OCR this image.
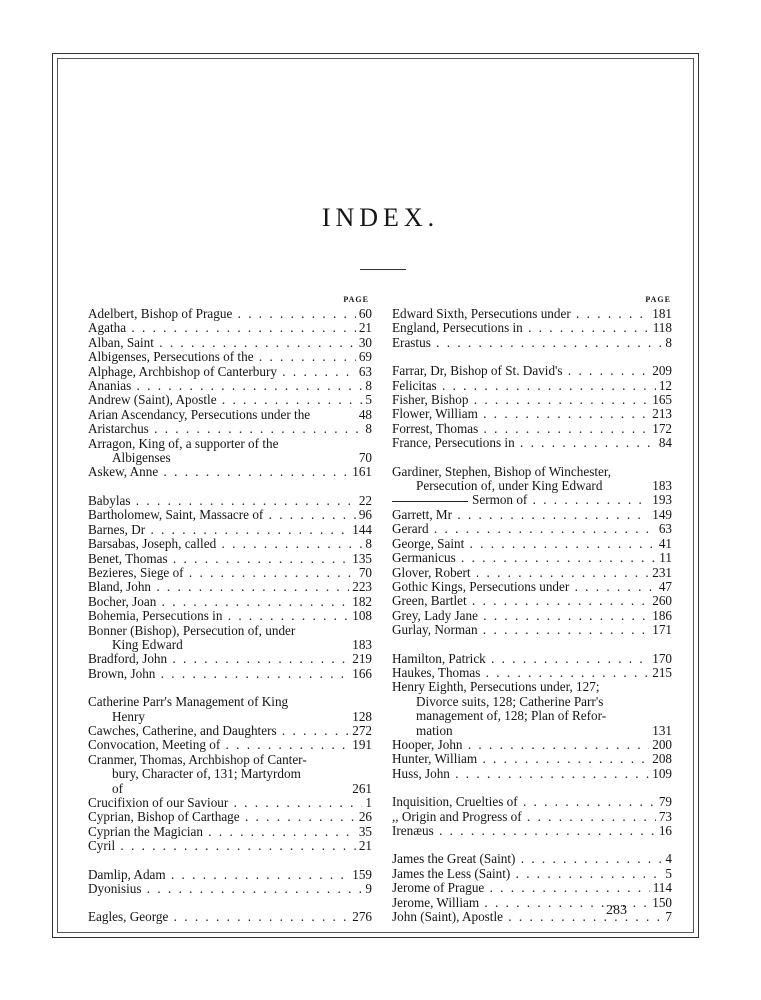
INDEX.
PAGE
Adelbert, Bishop of Prague . . .	60
Agatha . . .	21
Alban, Saint . . .	30
Albigenses, Persecutions of the . . .	69
Alphage, Archbishop of Canterbury . . .	63
Ananias . . .	8
Andrew (Saint), Apostle . . .	5
Arian Ascendancy, Persecutions under the	48
Aristarchus . . .	8
Arragon, King of, a supporter of the
Albigenses	70
Askew, Anne . . .	161
Babylas . . .	22
Bartholomew, Saint, Massacre of . . .	96
Barnes, Dr . . .	144
Barsabas, Joseph, called . . .	8
Benet, Thomas . . .	135
Bezieres, Siege of . . .	70
Bland, John . . .	223
Bocher, Joan . . .	182
Bohemia, Persecutions in . . .	108
Bonner (Bishop), Persecution of, under
King Edward	183
Bradford, John . . .	219
Brown, John . . .	166
Catherine Parr's Management of King
Henry	128
Cawches, Catherine, and Daughters . . .	272
Convocation, Meeting of . . .	191
Cranmer, Thomas, Archbishop of Canter-
bury, Character of, 131; Martyrdom
of	261
Crucifixion of our Saviour . . .	1
Cyprian, Bishop of Carthage . . .	26
Cyprian the Magician . . .	35
Cyril . . .	21
Damlip, Adam . . .	159
Dyonisius . . .	9
Eagles, George . . .	276
PAGE
Edward Sixth, Persecutions under . . .	181
England, Persecutions in . . .	118
Erastus . . .	8
Farrar, Dr, Bishop of St. David's . . .	209
Felicitas . . .	12
Fisher, Bishop . . .	165
Flower, William . . .	213
Forrest, Thomas . . .	172
France, Persecutions in . . .	84
Gardiner, Stephen, Bishop of Winchester,
Persecution of, under King Edward	183
Sermon of . . .	193
Garrett, Mr . . .	149
Gerard . . .	63
George, Saint . . .	41
Germanicus . . .	11
Glover, Robert . . .	231
Gothic Kings, Persecutions under . . .	47
Green, Bartlet . . .	260
Grey, Lady Jane . . .	186
Gurlay, Norman . . .	171
Hamilton, Patrick . . .	170
Haukes, Thomas . . .	215
Henry Eighth, Persecutions under, 127;
Divorce suits, 128; Catherine Parr's
management of, 128; Plan of Refor-
mation	131
Hooper, John . . .	200
Hunter, William . . .	208
Huss, John . . .	109
Inquisition, Cruelties of . . .	79
,, Origin and Progress of . . .	73
Irenæus . . .	16
James the Great (Saint) . . .	4
James the Less (Saint) . . .	5
Jerome of Prague . . .	114
Jerome, William . . .	150
John (Saint), Apostle . . .	7
283
